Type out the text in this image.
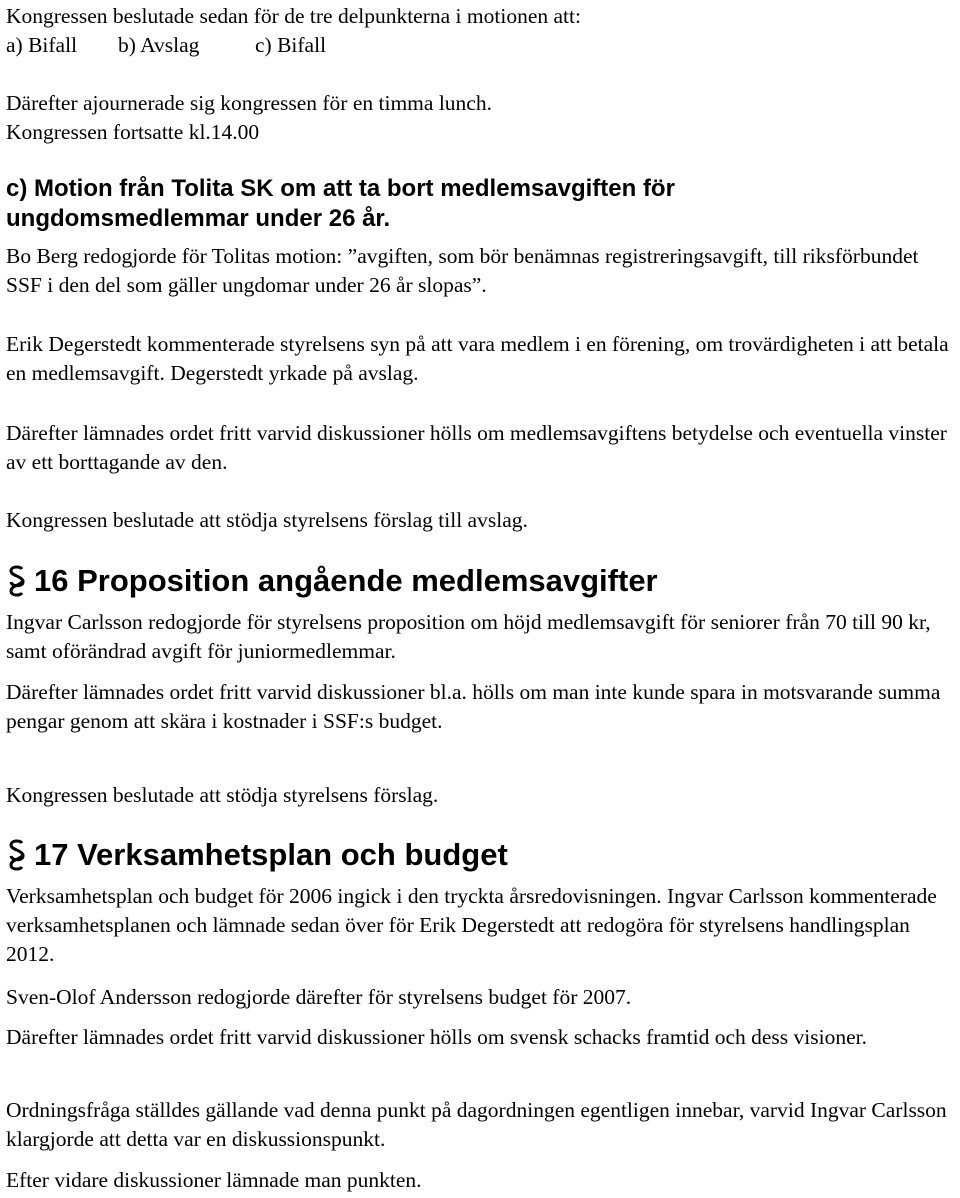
Kongressen beslutade sedan för de tre delpunkterna i motionen att:

a) Bifall b) Avslag	c) Bifall

Därefter ajournerade sig kongressen för en timma lunch.

Kongressen fortsatte kl.14.00

c) Motion från Tolita SK om att ta bort medlemsavgiften för ungdomsmedlemmar under 26 år.

Bo Berg redogjorde för Tolitas motion: ”avgiften, som bör benämnas registreringsavgift, till riksförbundet SSF i den del som gäller ungdomar under 26 år slopas”.

Erik Degerstedt kommenterade styrelsens syn på att vara medlem i en förening, om trovärdigheten i att betala en medlemsavgift. Degerstedt yrkade på avslag.

Därefter lämnades ordet fritt varvid diskussioner hölls om medlemsavgiftens betydelse och eventuella vinster av ett borttagande av den.

Kongressen beslutade att stödja styrelsens förslag till avslag.

16 Proposition angående medlemsavgifter

Ingvar Carlsson redogjorde för styrelsens proposition om höjd medlemsavgift för seniorer från 70 till 90 kr, samt oförändrad avgift för juniormedlemmar.

Därefter lämnades ordet fritt varvid diskussioner bl.a. hölls om man inte kunde spara in motsvarande summa pengar genom att skära i kostnader i SSF:s budget.

Kongressen beslutade att stödja styrelsens förslag.

17 Verksamhetsplan och budget

Verksamhetsplan och budget för 2006 ingick i den tryckta årsredovisningen. Ingvar Carlsson kommenterade verksamhetsplanen och lämnade sedan över för Erik Degerstedt att redogöra för styrelsens handlingsplan 2012.

Sven-Olof Andersson redogjorde därefter för styrelsens budget för 2007.

Därefter lämnades ordet fritt varvid diskussioner hölls om svensk schacks framtid och dess visioner.

Ordningsfråga ställdes gällande vad denna punkt på dagordningen egentligen innebar, varvid Ingvar Carlsson klargjorde att detta var en diskussionspunkt.

Efter vidare diskussioner lämnade man punkten.
